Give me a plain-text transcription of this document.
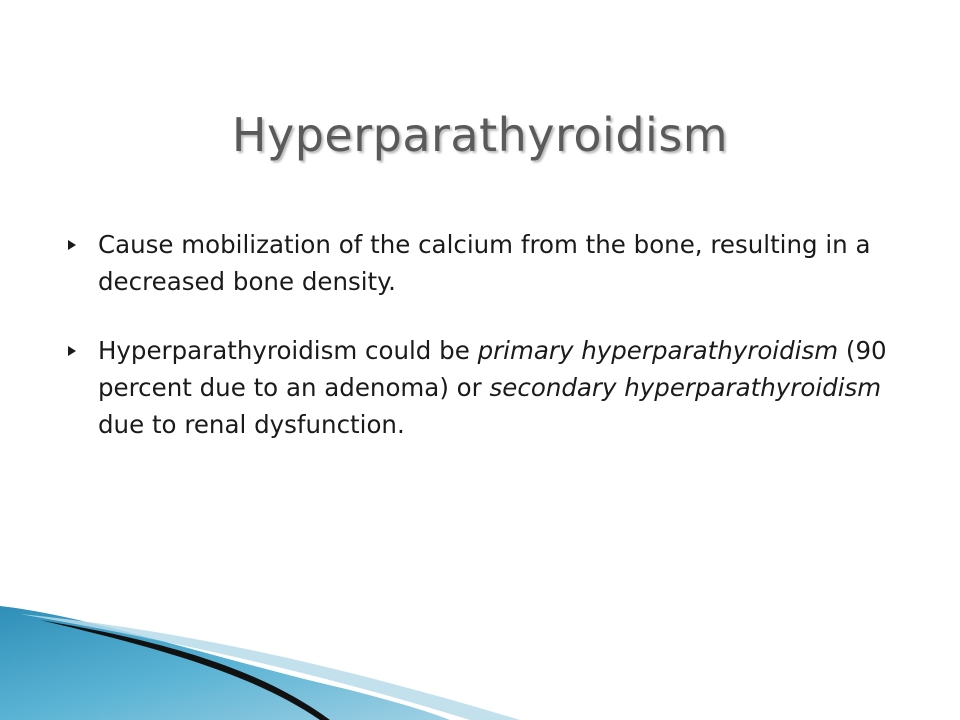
Hyperparathyroidism
Cause mobilization of the calcium from the bone, resulting in a decreased bone density.
Hyperparathyroidism could be primary hyperparathyroidism (90 percent due to an adenoma) or secondary hyperparathyroidism due to renal dysfunction.
